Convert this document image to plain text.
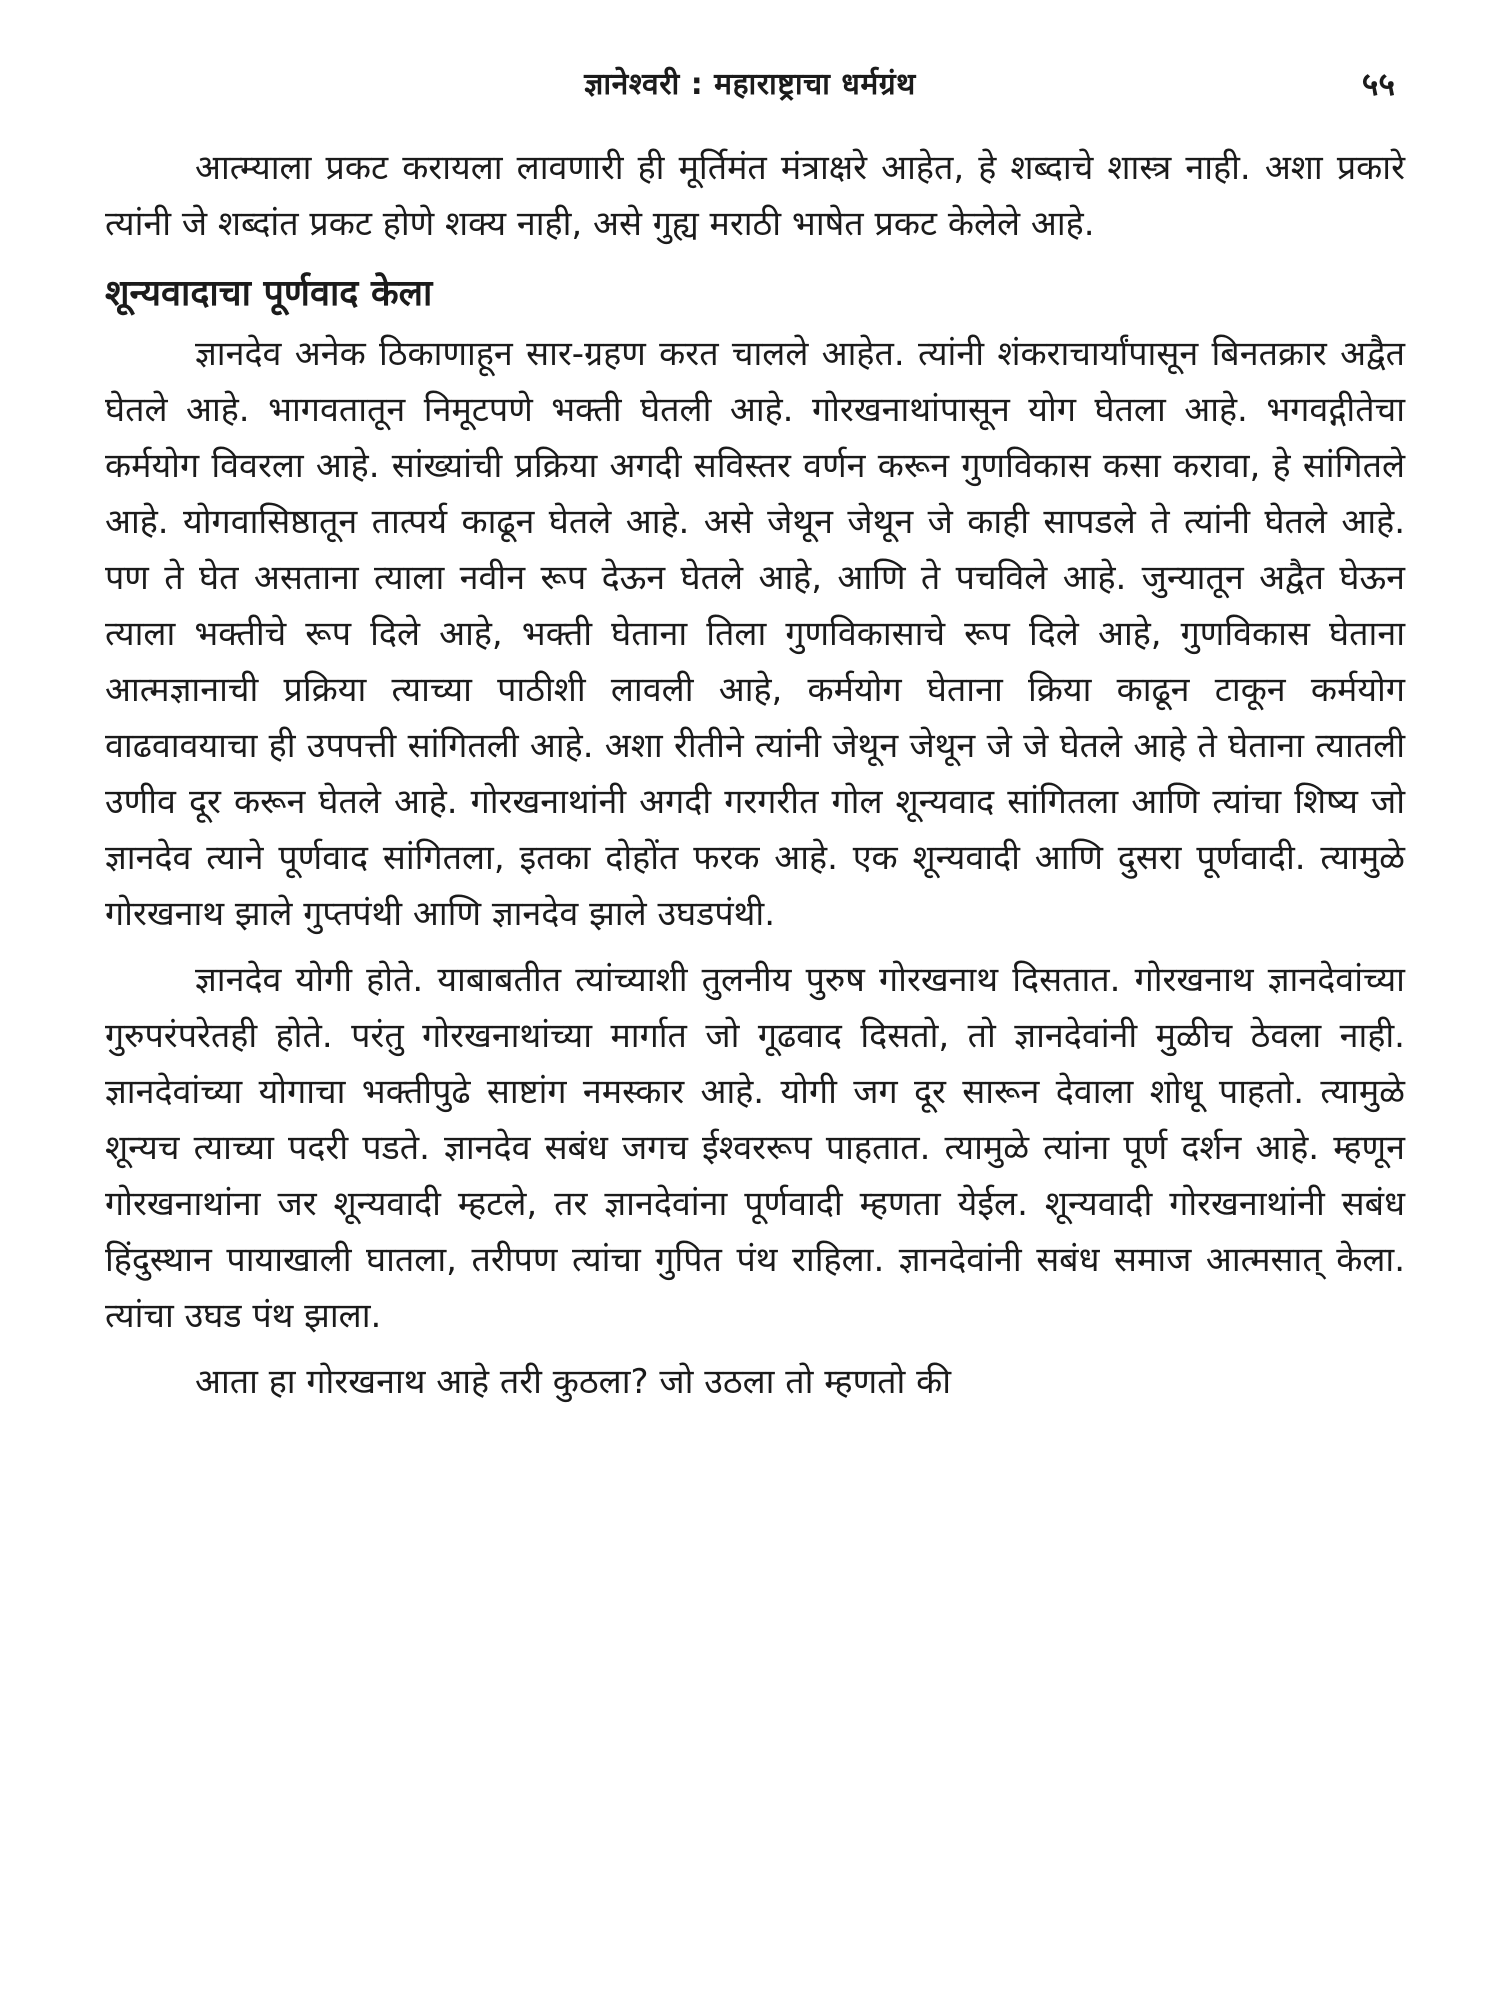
ज्ञानेश्वरी : महाराष्ट्राचा धर्मग्रंथ	५५

आत्म्याला प्रकट करायला लावणारी ही मूर्तिमंत मंत्राक्षरे आहेत, हे शब्दाचे शास्त्र नाही. अशा प्रकारे त्यांनी जे शब्दांत प्रकट होणे शक्य नाही, असे गुह्य मराठी भाषेत प्रकट केलेले आहे.

शून्यवादाचा पूर्णवाद केला

ज्ञानदेव अनेक ठिकाणाहून सार-ग्रहण करत चालले आहेत. त्यांनी शंकराचार्यांपासून बिनतक्रार अद्वैत घेतले आहे. भागवतातून निमूटपणे भक्ती घेतली आहे. गोरखनाथांपासून योग घेतला आहे. भगवद्गीतेचा कर्मयोग विवरला आहे. सांख्यांची प्रक्रिया अगदी सविस्तर वर्णन करून गुणविकास कसा करावा, हे सांगितले आहे. योगवासिष्ठातून तात्पर्य काढून घेतले आहे. असे जेथून जेथून जे काही सापडले ते त्यांनी घेतले आहे. पण ते घेत असताना त्याला नवीन रूप देऊन घेतले आहे, आणि ते पचविले आहे. जुन्यातून अद्वैत घेऊन त्याला भक्तीचे रूप दिले आहे, भक्ती घेताना तिला गुणविकासाचे रूप दिले आहे, गुणविकास घेताना आत्मज्ञानाची प्रक्रिया त्याच्या पाठीशी लावली आहे, कर्मयोग घेताना क्रिया काढून टाकून कर्मयोग वाढवावयाचा ही उपपत्ती सांगितली आहे. अशा रीतीने त्यांनी जेथून जेथून जे जे घेतले आहे ते घेताना त्यातली उणीव दूर करून घेतले आहे. गोरखनाथांनी अगदी गरगरीत गोल शून्यवाद सांगितला आणि त्यांचा शिष्य जो ज्ञानदेव त्याने पूर्णवाद सांगितला, इतका दोहोंत फरक आहे. एक शून्यवादी आणि दुसरा पूर्णवादी. त्यामुळे गोरखनाथ झाले गुप्तपंथी आणि ज्ञानदेव झाले उघडपंथी.

ज्ञानदेव योगी होते. याबाबतीत त्यांच्याशी तुलनीय पुरुष गोरखनाथ दिसतात. गोरखनाथ ज्ञानदेवांच्या गुरुपरंपरेतही होते. परंतु गोरखनाथांच्या मार्गात जो गूढवाद दिसतो, तो ज्ञानदेवांनी मुळीच ठेवला नाही. ज्ञानदेवांच्या योगाचा भक्तीपुढे साष्टांग नमस्कार आहे. योगी जग दूर सारून देवाला शोधू पाहतो. त्यामुळे शून्यच त्याच्या पदरी पडते. ज्ञानदेव सबंध जगच ईश्वररूप पाहतात. त्यामुळे त्यांना पूर्ण दर्शन आहे. म्हणून गोरखनाथांना जर शून्यवादी म्हटले, तर ज्ञानदेवांना पूर्णवादी म्हणता येईल. शून्यवादी गोरखनाथांनी सबंध हिंदुस्थान पायाखाली घातला, तरीपण त्यांचा गुपित पंथ राहिला. ज्ञानदेवांनी सबंध समाज आत्मसात् केला. त्यांचा उघड पंथ झाला.

आता हा गोरखनाथ आहे तरी कुठला? जो उठला तो म्हणतो की
